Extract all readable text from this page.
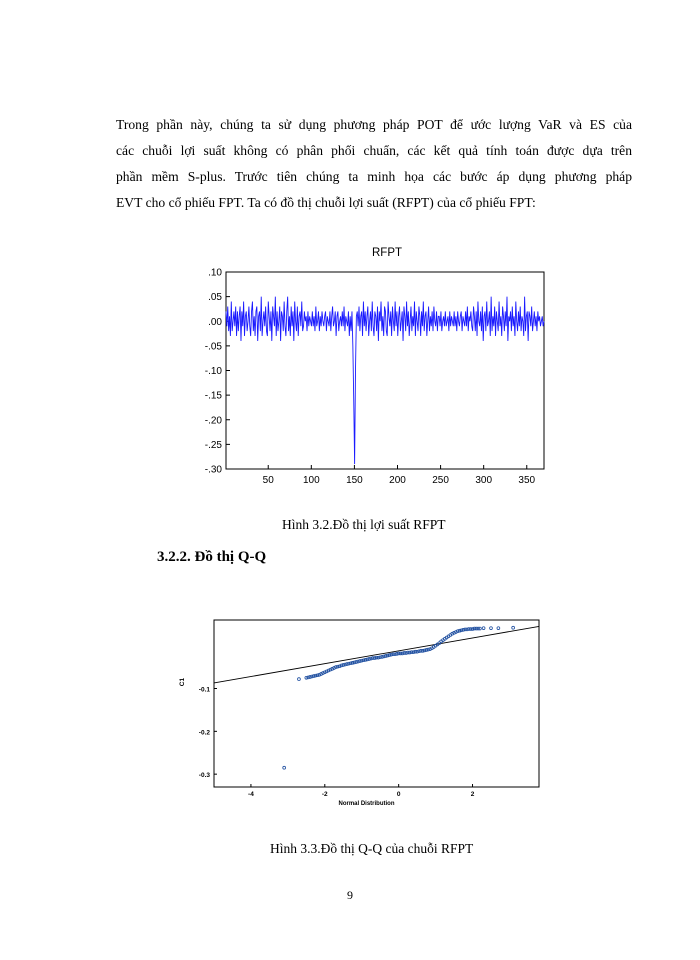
Trong phần này, chúng ta sử dụng phương pháp POT để ước lượng VaR và ES của
các chuỗi lợi suất không có phân phối chuẩn, các kết quả tính toán được dựa trên
phần mềm S-plus. Trước tiên chúng ta minh họa các bước áp dụng phương pháp
EVT cho cổ phiếu FPT. Ta có đồ thị chuỗi lợi suất (RFPT) của cổ phiếu FPT:

RFPT
.10
.05
.00
-.05
-.10
-.15
-.20
-.25
-.30
50	100	150	200	250	300	350

Hình 3.2.Đồ thị lợi suất RFPT

3.2.2. Đồ thị Q-Q

-0.1
-0.2
-0.3
-4	-2	0	2
Normal Distribution
C1

Hình 3.3.Đồ thị Q-Q của chuỗi RFPT

9
